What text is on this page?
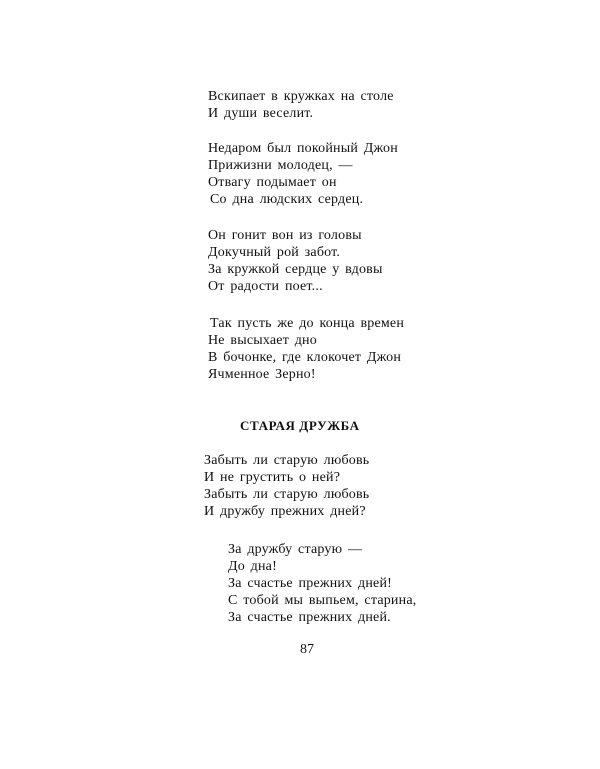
Вскипает в кружках на столе
И души веселит.
Недаром был покойный Джон
Прижизни молодец, —
Отвагу подымает он
Со дна людских сердец.
Он гонит вон из головы
Докучный рой забот.
За кружкой сердце у вдовы
От радости поет...
Так пусть же до конца времен
Не высыхает дно
В бочонке, где клокочет Джон
Ячменное Зерно!
СТАРАЯ ДРУЖБА
Забыть ли старую любовь
И не грустить о ней?
Забыть ли старую любовь
И дружбу прежних дней?
За дружбу старую —
До дна!
За счастье прежних дней!
С тобой мы выпьем, старина,
За счастье прежних дней.

87
